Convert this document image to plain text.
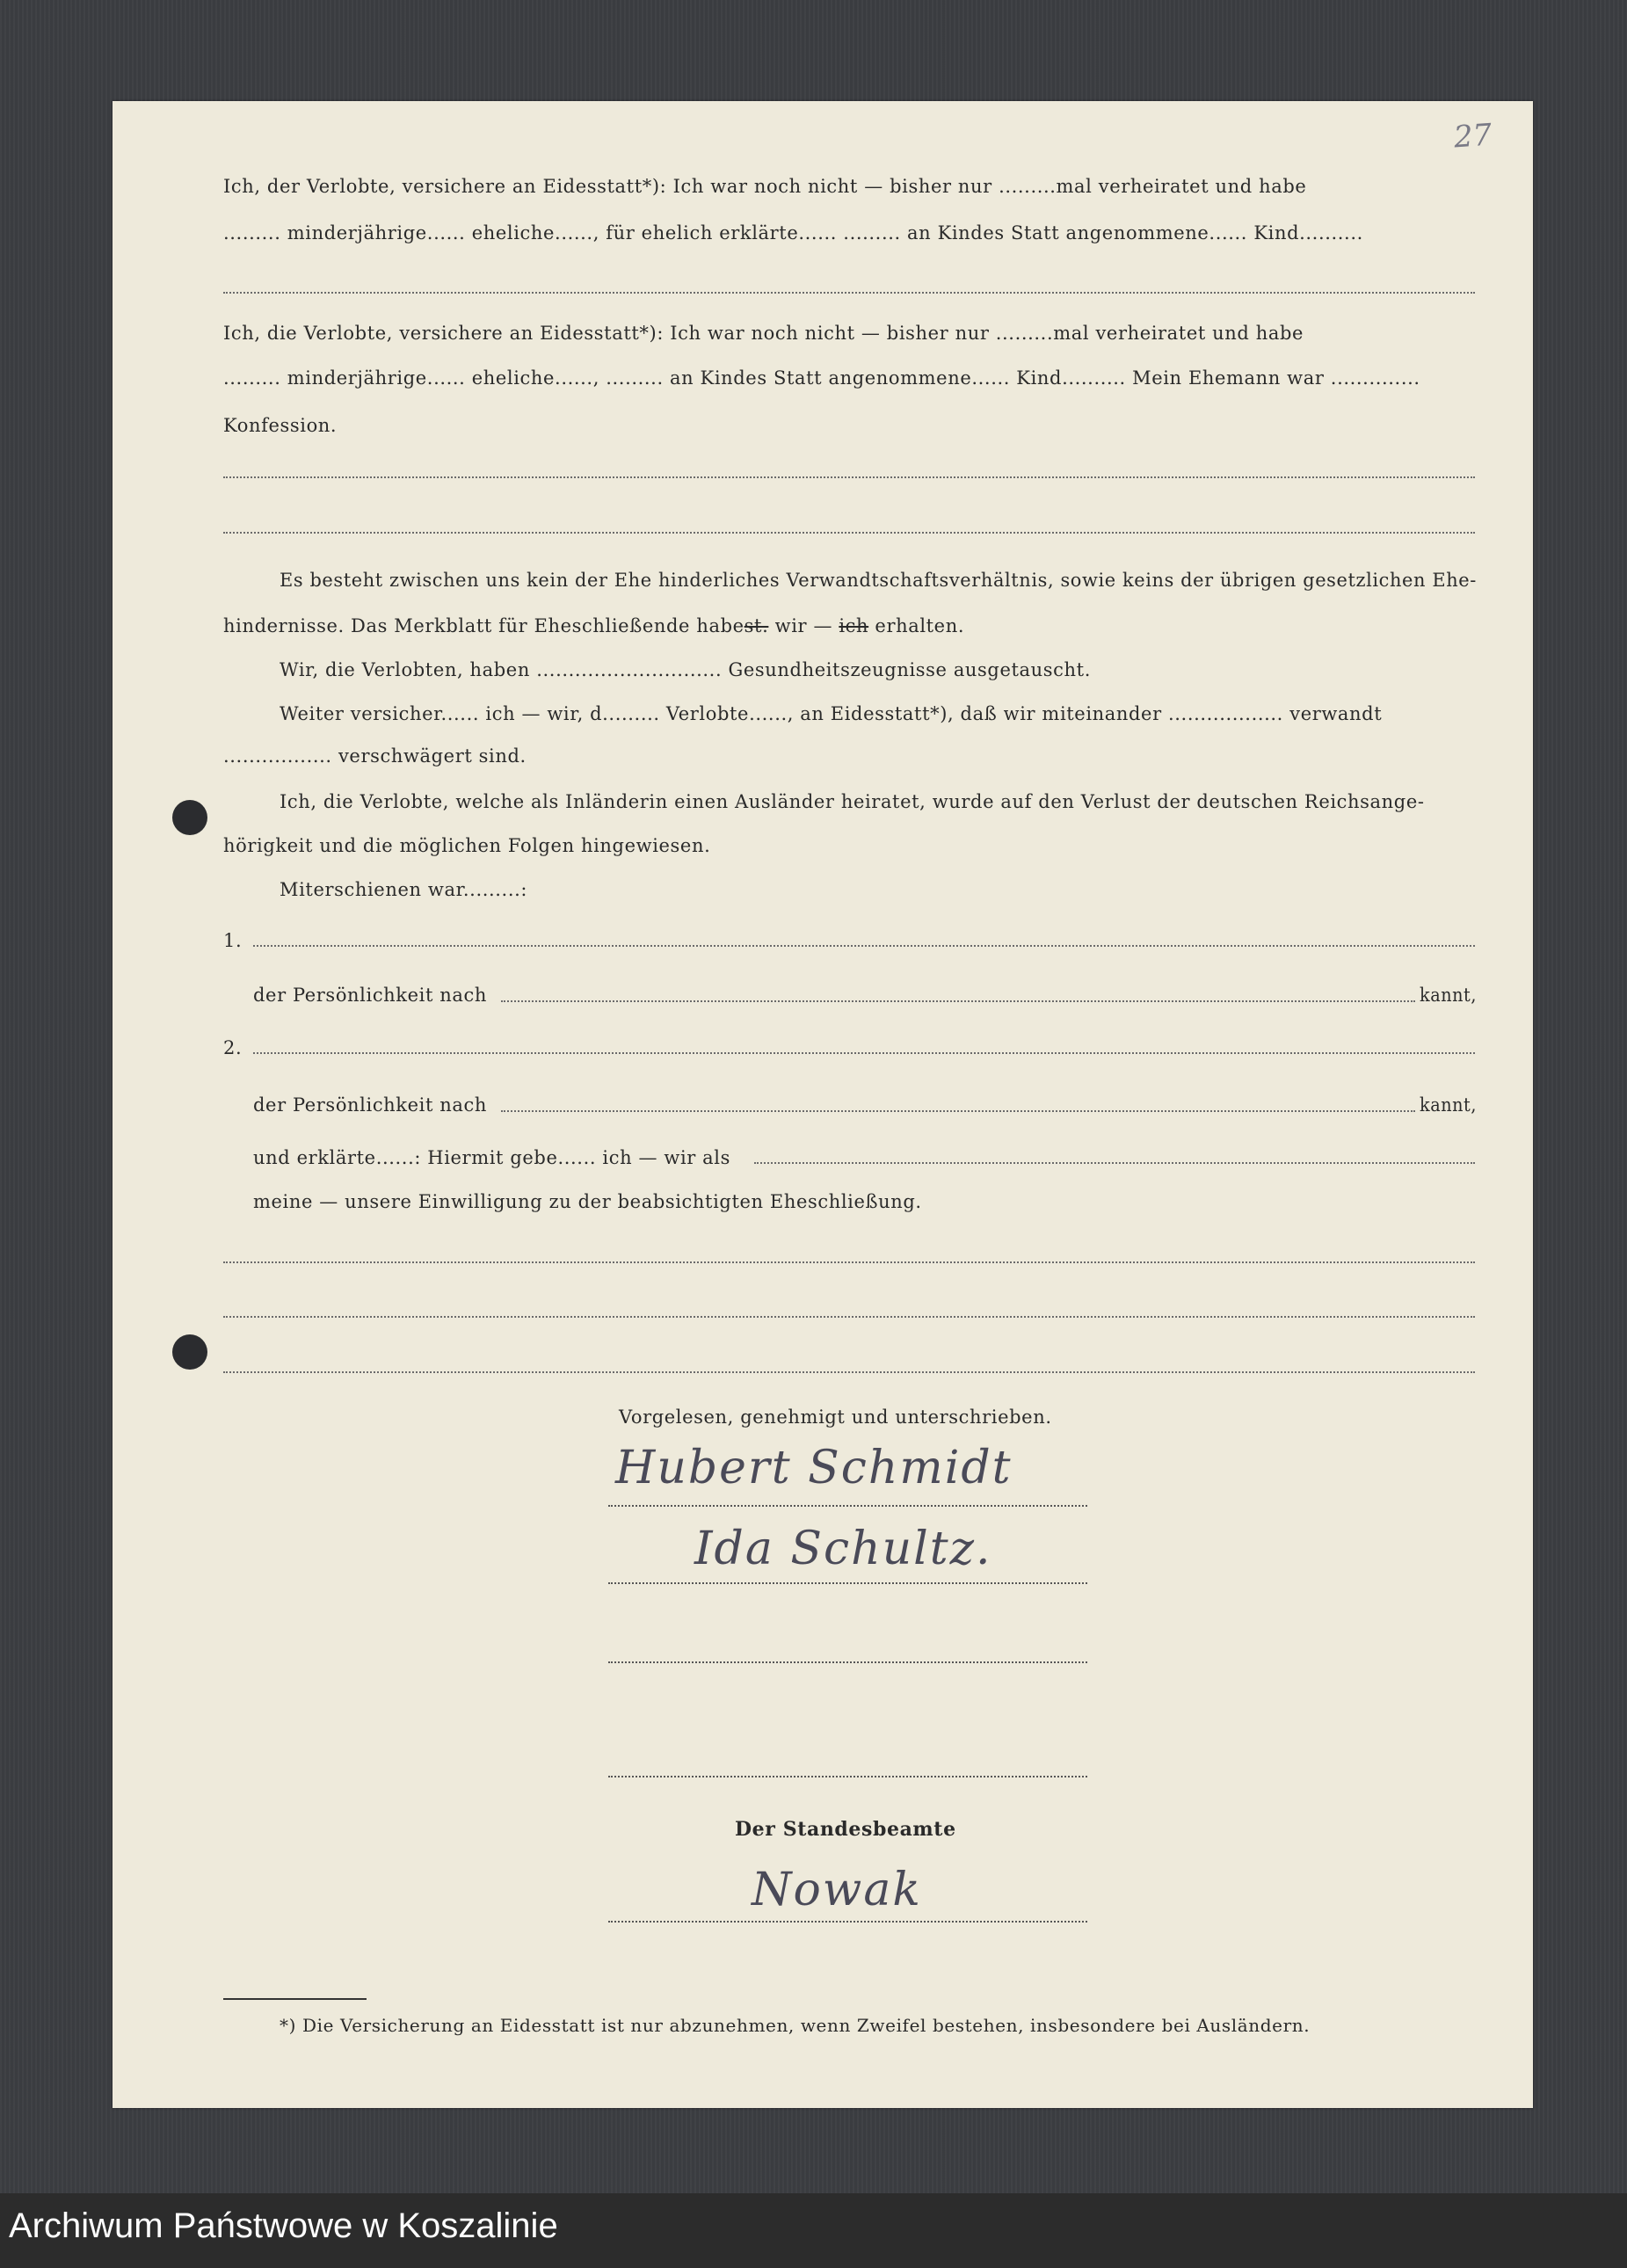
27
Ich, der Verlobte, versichere an Eidesstatt*): Ich war noch nicht — bisher nur .........mal verheiratet und habe
......... minderjährige...... eheliche......, für ehelich erklärte...... ......... an Kindes Statt angenommene...... Kind..........
Ich, die Verlobte, versichere an Eidesstatt*): Ich war noch nicht — bisher nur .........mal verheiratet und habe
......... minderjährige...... eheliche......, ......... an Kindes Statt angenommene...... Kind.......... Mein Ehemann war ..............
Konfession.
Es besteht zwischen uns kein der Ehe hinderliches Verwandtschaftsverhältnis, sowie keins der übrigen gesetzlichen Ehe-
hindernisse. Das Merkblatt für Eheschließende habest. wir — ich erhalten.
Wir, die Verlobten, haben ............................. Gesundheitszeugnisse ausgetauscht.
Weiter versicher...... ich — wir, d......... Verlobte......, an Eidesstatt*), daß wir miteinander .................. verwandt
................. verschwägert sind.
Ich, die Verlobte, welche als Inländerin einen Ausländer heiratet, wurde auf den Verlust der deutschen Reichsange-
hörigkeit und die möglichen Folgen hingewiesen.
Miterschienen war.........:
1.
der Persönlichkeit nach	kannt,
2.
der Persönlichkeit nach	kannt,
und erklärte......: Hiermit gebe...... ich — wir als
meine — unsere Einwilligung zu der beabsichtigten Eheschließung.
Vorgelesen, genehmigt und unterschrieben.
Hubert Schmidt
Ida Schultz.
Der Standesbeamte
Nowak
*) Die Versicherung an Eidesstatt ist nur abzunehmen, wenn Zweifel bestehen, insbesondere bei Ausländern.
Archiwum Państwowe w Koszalinie
